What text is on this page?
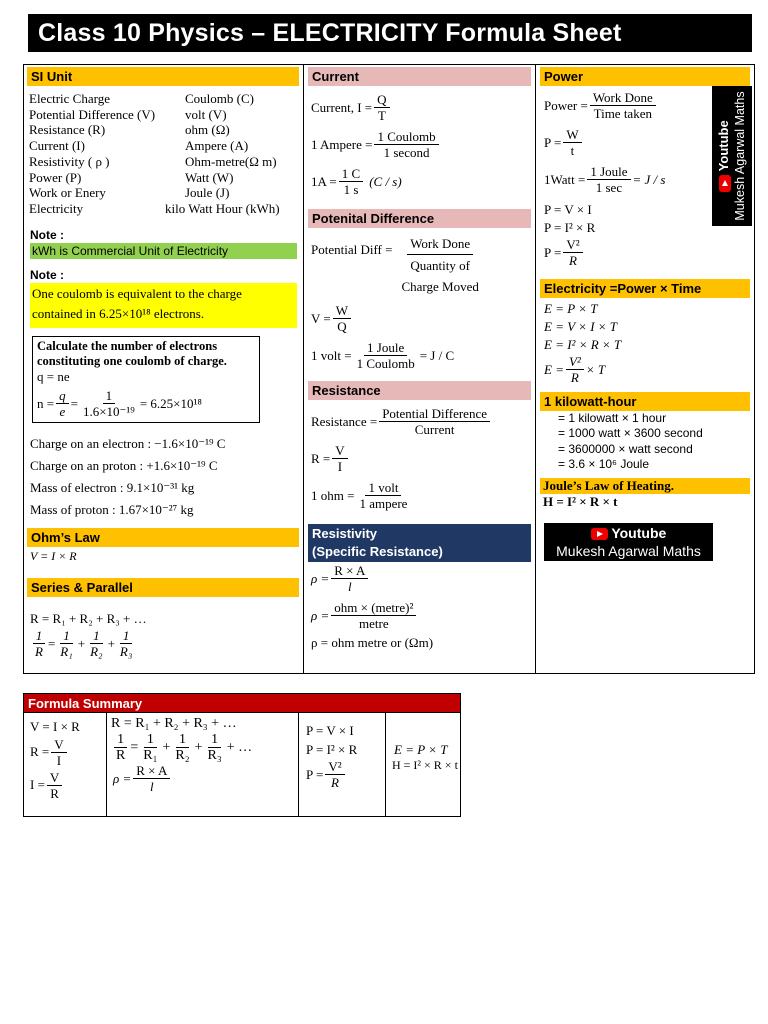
Class 10 Physics – ELECTRICITY Formula Sheet
SI Unit
Electric Charge	Coulomb (C)
Potential Difference (V)	volt (V)
Resistance (R)	ohm (Ω)
Current (I)	Ampere (A)
Resistivity ( ρ )	Ohm-metre(Ω m)
Power (P)	Watt (W)
Work or Enery	Joule (J)
Electricity	kilo Watt Hour (kWh)
Note :
kWh is Commercial Unit of Electricity
Note :
One coulomb is equivalent to the charge
contained in 6.25×10¹⁸ electrons.
Calculate the number of electrons constituting one coulomb of charge.
q = ne
$n = \frac{q}{e} = \frac{1}{\text{1.6×10⁻¹⁹}} = 6.25\times 10^{18}$
Charge on an electron : −1.6×10⁻¹⁹ C
Charge on an proton : +1.6×10⁻¹⁹ C
Mass of electron : 9.1×10⁻³¹ kg
Mass of proton : 1.67×10⁻²⁷ kg
Ohm’s Law
V = I × R
Series & Parallel
R = R₁ + R₂ + R₃ + …
$\frac{1}{R} = \frac{1}{\text{R₁}} + \frac{1}{\text{R₂}} + \frac{1}{\text{R₃}}$
Current
Current, $I = \frac{Q}{T}$
1 Ampere = $\frac{\text{1 Coulomb}}{\text{1 second}}$
$1A = \frac{1 C}{1 s} (C / s)$
Potenital Difference
Potential Diff = Work Done
Quantity of
Charge Moved
$V = \frac{W}{Q}$
1 volt = $\frac{\text{1 Joule}}{\text{1 Coulomb}} = J / C$
Resistance
Resistance = $\frac{\text{Potential Difference}}{\text{Current}}$
$R = \frac{V}{I}$
1 ohm = $\frac{\text{1 volt}}{\text{1 ampere}}$
Resistivity
(Specific Resistance)
$\rho = \frac{R \times A}{l}$
$\rho = \frac{\text{ohm × (metre)²}}{\text{metre}}$
ρ = ohm metre or (Ωm)
Power
Power = $\frac{\text{Work Done}}{\text{Time taken}}$
$P = \frac{W}{t}$
1Watt = $\frac{\text{1 Joule}}{1 \sec} = J / s$
P = V × I
P = I² × R
$P = \frac{\text{V²}}{R}$
Youtube Mukesh Agarwal Maths
Electricity =Power × Time
E = P × T
E = V × I × T
E = I² × R × T
$E = \frac{\text{V²}}{R} \times T$
1 kilowatt-hour
= 1 kilowatt × 1 hour
= 1000 watt × 3600 second
= 3600000 × watt second
= 3.6 × 10⁶ Joule
Joule’s Law of Heating.
H = I² × R × t
Youtube
Mukesh Agarwal Maths
Formula Summary
V = I × R
$R = \frac{V}{I}$
$I = \frac{V}{R}$
R = R₁ + R₂ + R₃ + …
$\frac{1}{R} = \frac{1}{\text{R₁}} + \frac{1}{\text{R₂}} + \frac{1}{\text{R₃}}$ + …
$\rho = \frac{R \times A}{l}$
P = V × I
P = I² × R
$P = \frac{\text{V²}}{R}$
E = P × T
H = I² × R × t
